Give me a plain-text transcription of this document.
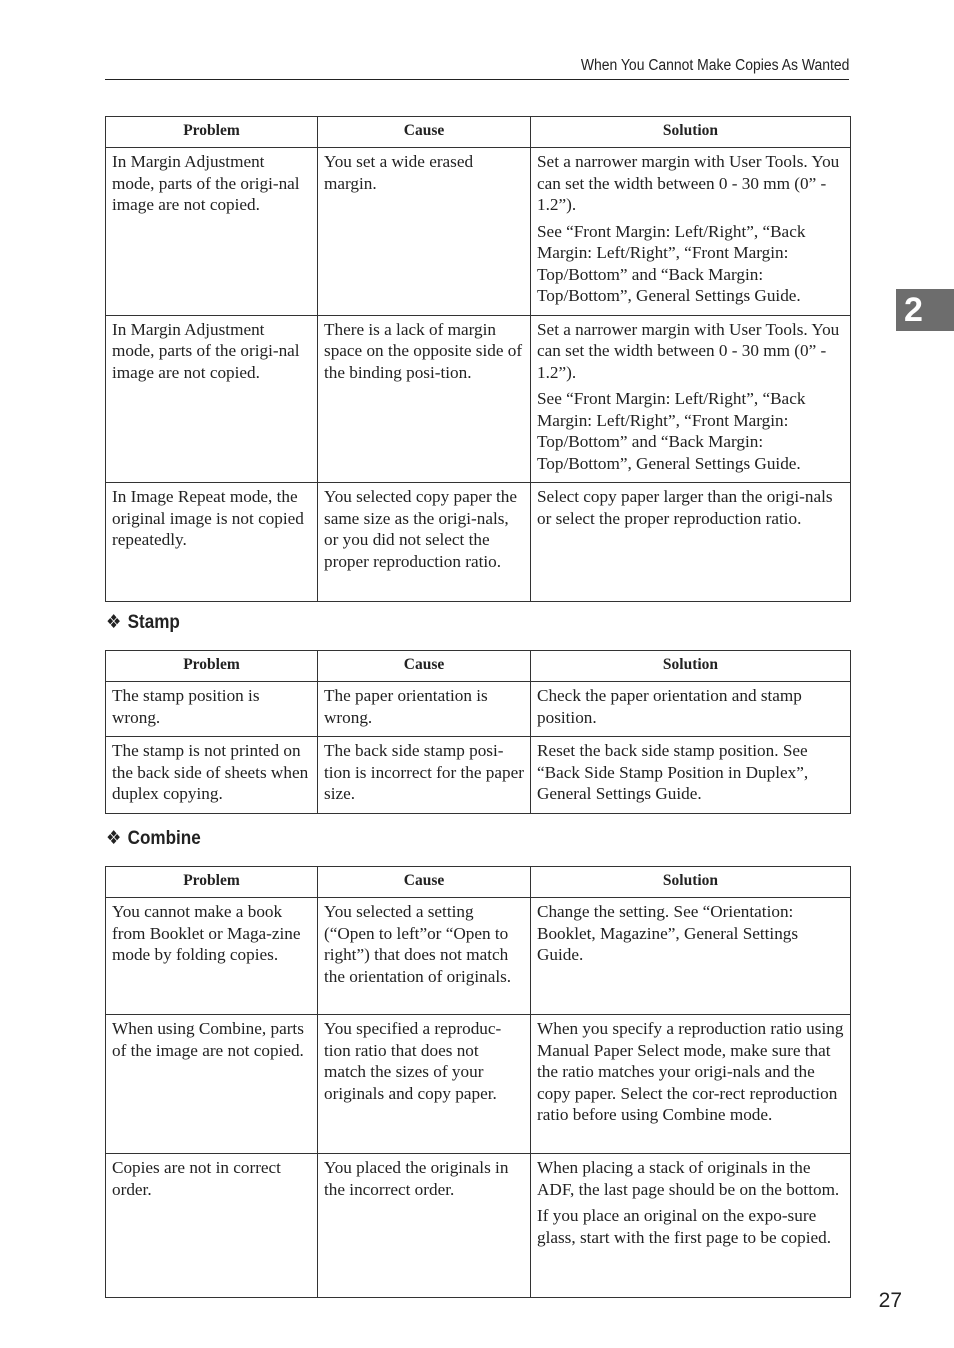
When You Cannot Make Copies As Wanted
2
Problem	Cause	Solution
In Margin Adjustment mode, parts of the origi-nal image are not copied.	You set a wide erased margin.	Set a narrower margin with User Tools. You can set the width between 0 - 30 mm (0” - 1.2”).

See “Front Margin: Left/Right”, “Back Margin: Left/Right”, “Front Margin: Top/Bottom” and “Back Margin: Top/Bottom”, General Settings Guide.

In Margin Adjustment mode, parts of the origi-nal image are not copied.	There is a lack of margin space on the opposite side of the binding posi-tion.	Set a narrower margin with User Tools. You can set the width between 0 - 30 mm (0” - 1.2”).

See “Front Margin: Left/Right”, “Back Margin: Left/Right”, “Front Margin: Top/Bottom” and “Back Margin: Top/Bottom”, General Settings Guide.

In Image Repeat mode, the original image is not copied repeatedly.	You selected copy paper the same size as the origi-nals, or you did not select the proper reproduction ratio.	Select copy paper larger than the origi-nals or select the proper reproduction ratio.

❖ Stamp
Problem	Cause	Solution
The stamp position is wrong.	The paper orientation is wrong.	Check the paper orientation and stamp position.

The stamp is not printed on the back side of sheets when duplex copying.	The back side stamp posi-tion is incorrect for the paper size.	Reset the back side stamp position. See “Back Side Stamp Position in Duplex”, General Settings Guide.

❖ Combine
Problem	Cause	Solution
You cannot make a book from Booklet or Maga-zine mode by folding copies.	You selected a setting (“Open to left”or “Open to right”) that does not match the orientation of originals.	Change the setting. See “Orientation: Booklet, Magazine”, General Settings Guide.

When using Combine, parts of the image are not copied.	You specified a reproduc-tion ratio that does not match the sizes of your originals and copy paper.	When you specify a reproduction ratio using Manual Paper Select mode, make sure that the ratio matches your origi-nals and the copy paper. Select the cor-rect reproduction ratio before using Combine mode.

Copies are not in correct order.	You placed the originals in the incorrect order.	When placing a stack of originals in the ADF, the last page should be on the bottom.

If you place an original on the expo-sure glass, start with the first page to be copied.

27
